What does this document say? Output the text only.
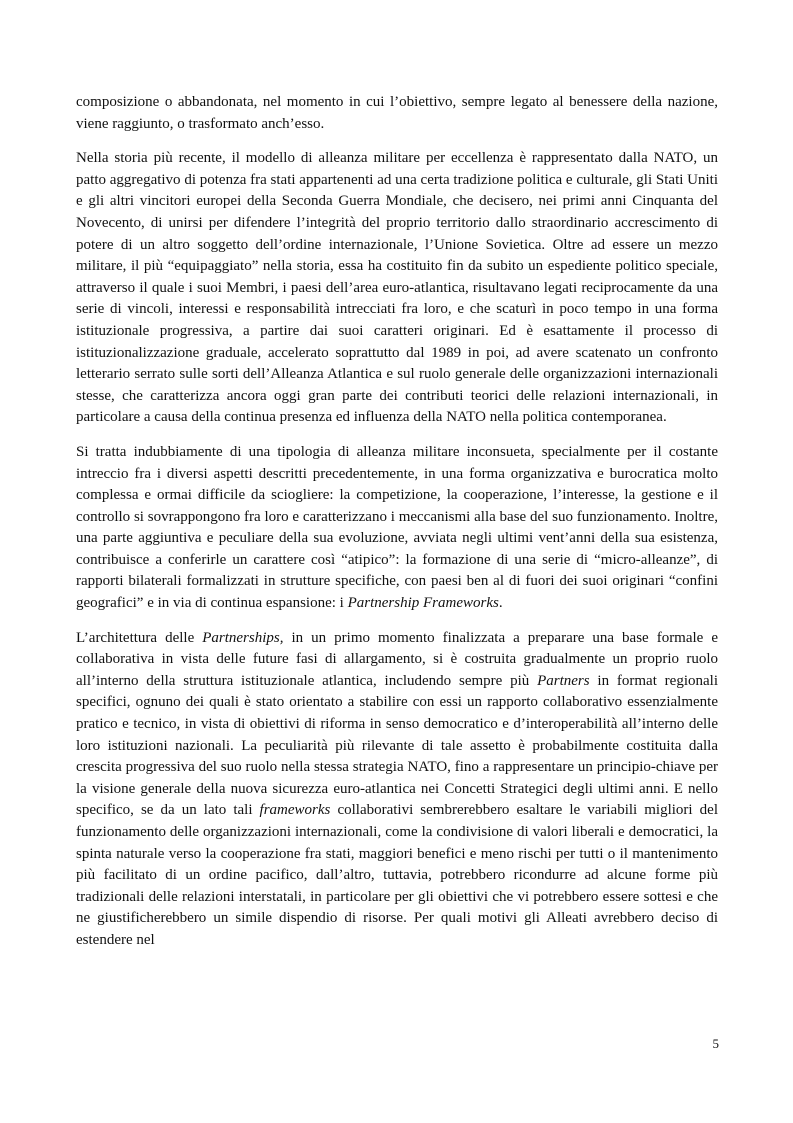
composizione o abbandonata, nel momento in cui l’obiettivo, sempre legato al benessere della nazione, viene raggiunto, o trasformato anch’esso.

Nella storia più recente, il modello di alleanza militare per eccellenza è rappresentato dalla NATO, un patto aggregativo di potenza fra stati appartenenti ad una certa tradizione politica e culturale, gli Stati Uniti e gli altri vincitori europei della Seconda Guerra Mondiale, che decisero, nei primi anni Cinquanta del Novecento, di unirsi per difendere l’integrità del proprio territorio dallo straordinario accrescimento di potere di un altro soggetto dell’ordine internazionale, l’Unione Sovietica. Oltre ad essere un mezzo militare, il più “equipaggiato” nella storia, essa ha costituito fin da subito un espediente politico speciale, attraverso il quale i suoi Membri, i paesi dell’area euro-atlantica, risultavano legati reciprocamente da una serie di vincoli, interessi e responsabilità intrecciati fra loro, e che scaturì in poco tempo in una forma istituzionale progressiva, a partire dai suoi caratteri originari. Ed è esattamente il processo di istituzionalizzazione graduale, accelerato soprattutto dal 1989 in poi, ad avere scatenato un confronto letterario serrato sulle sorti dell’Alleanza Atlantica e sul ruolo generale delle organizzazioni internazionali stesse, che caratterizza ancora oggi gran parte dei contributi teorici delle relazioni internazionali, in particolare a causa della continua presenza ed influenza della NATO nella politica contemporanea.

Si tratta indubbiamente di una tipologia di alleanza militare inconsueta, specialmente per il costante intreccio fra i diversi aspetti descritti precedentemente, in una forma organizzativa e burocratica molto complessa e ormai difficile da sciogliere: la competizione, la cooperazione, l’interesse, la gestione e il controllo si sovrappongono fra loro e caratterizzano i meccanismi alla base del suo funzionamento. Inoltre, una parte aggiuntiva e peculiare della sua evoluzione, avviata negli ultimi vent’anni della sua esistenza, contribuisce a conferirle un carattere così “atipico”: la formazione di una serie di “micro-alleanze”, di rapporti bilaterali formalizzati in strutture specifiche, con paesi ben al di fuori dei suoi originari “confini geografici” e in via di continua espansione: i Partnership Frameworks.

L’architettura delle Partnerships, in un primo momento finalizzata a preparare una base formale e collaborativa in vista delle future fasi di allargamento, si è costruita gradualmente un proprio ruolo all’interno della struttura istituzionale atlantica, includendo sempre più Partners in format regionali specifici, ognuno dei quali è stato orientato a stabilire con essi un rapporto collaborativo essenzialmente pratico e tecnico, in vista di obiettivi di riforma in senso democratico e d’interoperabilità all’interno delle loro istituzioni nazionali. La peculiarità più rilevante di tale assetto è probabilmente costituita dalla crescita progressiva del suo ruolo nella stessa strategia NATO, fino a rappresentare un principio-chiave per la visione generale della nuova sicurezza euro-atlantica nei Concetti Strategici degli ultimi anni. E nello specifico, se da un lato tali frameworks collaborativi sembrerebbero esaltare le variabili migliori del funzionamento delle organizzazioni internazionali, come la condivisione di valori liberali e democratici, la spinta naturale verso la cooperazione fra stati, maggiori benefici e meno rischi per tutti o il mantenimento più facilitato di un ordine pacifico, dall’altro, tuttavia, potrebbero ricondurre ad alcune forme più tradizionali delle relazioni interstatali, in particolare per gli obiettivi che vi potrebbero essere sottesi e che ne giustificherebbero un simile dispendio di risorse. Per quali motivi gli Alleati avrebbero deciso di estendere nel

5
